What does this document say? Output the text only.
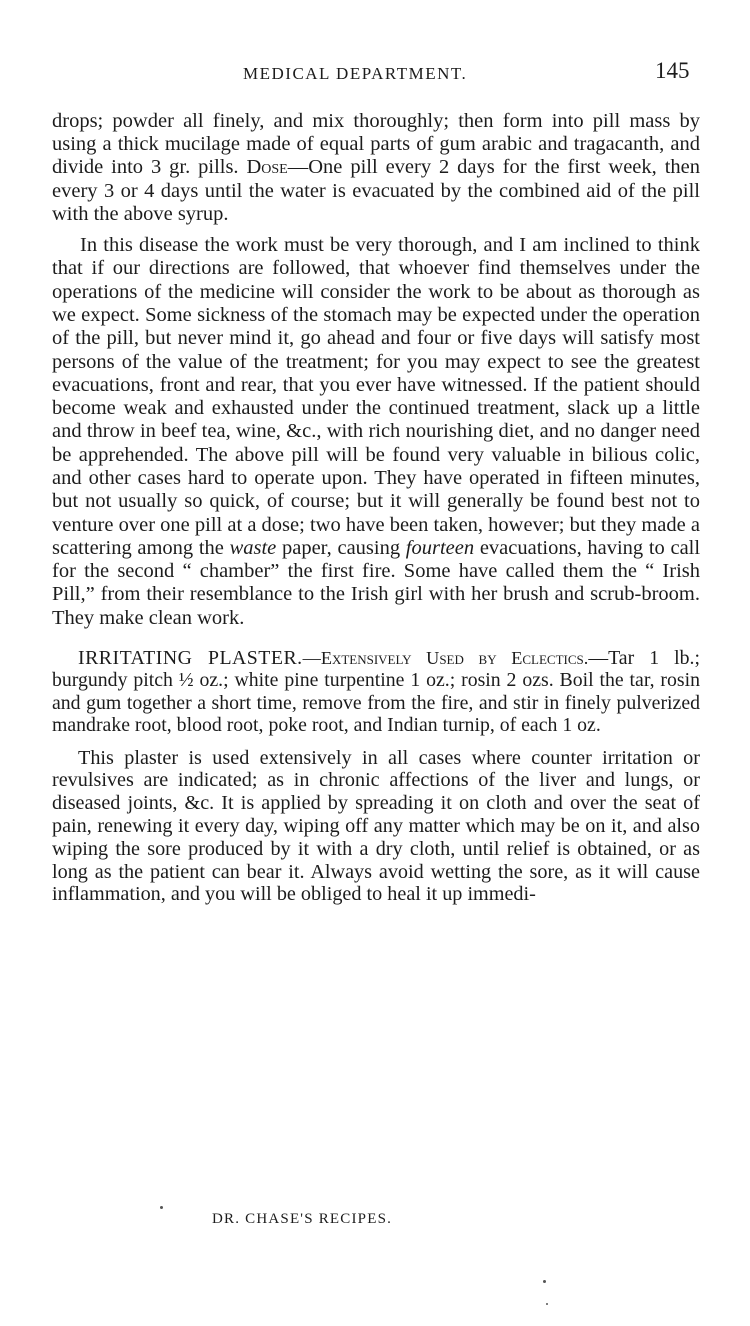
MEDICAL DEPARTMENT.	145

drops; powder all finely, and mix thoroughly; then form into pill mass by using a thick mucilage made of equal parts of gum arabic and tragacanth, and divide into 3 gr. pills. Dose—One pill every 2 days for the first week, then every 3 or 4 days until the water is evacuated by the combined aid of the pill with the above syrup.

In this disease the work must be very thorough, and I am inclined to think that if our directions are followed, that whoever find themselves under the operations of the medicine will consider the work to be about as thorough as we expect. Some sickness of the stomach may be expected under the operation of the pill, but never mind it, go ahead and four or five days will satisfy most persons of the value of the treatment; for you may expect to see the greatest evacuations, front and rear, that you ever have witnessed. If the patient should become weak and exhausted under the continued treatment, slack up a little and throw in beef tea, wine, &c., with rich nourishing diet, and no danger need be apprehended. The above pill will be found very valuable in bilious colic, and other cases hard to operate upon. They have operated in fifteen minutes, but not usually so quick, of course; but it will generally be found best not to venture over one pill at a dose; two have been taken, however; but they made a scattering among the waste paper, causing fourteen evacuations, having to call for the second “ chamber” the first fire. Some have called them the “ Irish Pill,” from their resemblance to the Irish girl with her brush and scrub-broom. They make clean work.

IRRITATING PLASTER.—Extensively Used by Eclectics.—Tar 1 lb.; burgundy pitch ½ oz.; white pine turpentine 1 oz.; rosin 2 ozs. Boil the tar, rosin and gum together a short time, remove from the fire, and stir in finely pulverized mandrake root, blood root, poke root, and Indian turnip, of each 1 oz.

This plaster is used extensively in all cases where counter irritation or revulsives are indicated; as in chronic affections of the liver and lungs, or diseased joints, &c. It is applied by spreading it on cloth and over the seat of pain, renewing it every day, wiping off any matter which may be on it, and also wiping the sore produced by it with a dry cloth, until relief is obtained, or as long as the patient can bear it. Always avoid wetting the sore, as it will cause inflammation, and you will be obliged to heal it up immedi-

DR. CHASE'S RECIPES.
